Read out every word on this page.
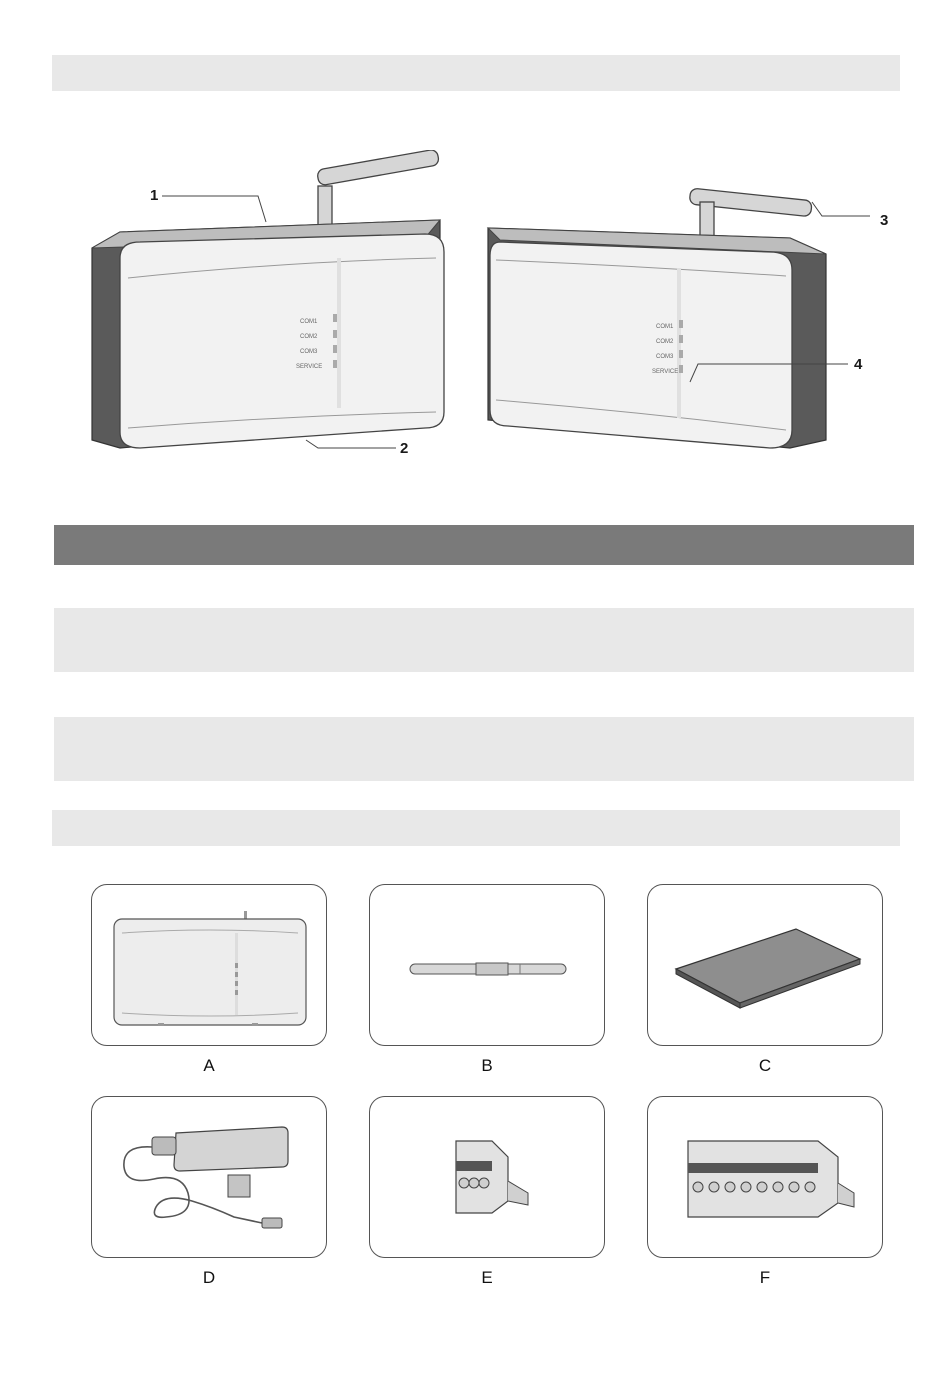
COM1
COM2
COM3
SERVICE
COM1
COM2
COM3
SERVICE
1
2
3
4
A	B	C
D	E	F
